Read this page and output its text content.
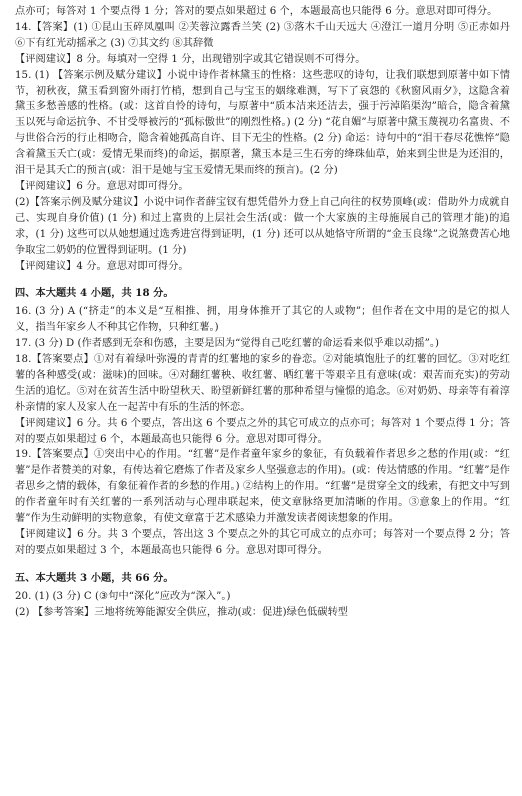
点亦可；每答对 1 个要点得 1 分；答对的要点如果超过 6 个，本题最高也只能得 6 分。意思对即可得分。

14.【答案】(1) ①昆山玉碎凤凰叫 ②芙蓉泣露香兰笑 (2) ③落木千山天远大 ④澄江一道月分明 ⑤正赤如丹 ⑥下有红光动摇承之 (3) ⑦其文约 ⑧其辞微

【评阅建议】8 分。每填对一空得 1 分，出现错别字或其它错误则不可得分。

15. (1) 【答案示例及赋分建议】小说中诗作者林黛玉的性格：这些悲叹的诗句，让我们联想到原著中如下情节，初秋夜，黛玉看到窗外雨打竹梢，想到自己与宝玉的姻缘难测，写下了哀怨的《秋窗风雨夕》，这隐含着黛玉多愁善感的性格。(或：这首自怜的诗句，与原著中“质本洁来还洁去，强于污淖陷渠沟”暗合，隐含着黛玉以死与命运抗争、不甘受辱被污的“孤标傲世”的刚烈性格。) (2 分) “花自媚”与原著中黛玉蔑视功名富贵、不与世俗合污的行止相吻合，隐含着她孤高自许、目下无尘的性格。(2 分) 命运：诗句中的“泪干春尽花憔悴”隐含着黛玉夭亡(或：爱情无果而终)的命运，据原著，黛玉本是三生石旁的绛珠仙草，始来到尘世是为还泪的，泪干是其夭亡的预言(或：泪干是她与宝玉爱情无果而终的预言)。(2 分)

【评阅建议】6 分。意思对即可得分。

(2)【答案示例及赋分建议】小说中词作者薛宝钗有想凭借外力登上自己向往的权势顶峰(或：借助外力成就自己、实现自身价值) (1 分) 和过上富贵的上层社会生活(或：做一个大家族的主母施展自己的管理才能)的追求，(1 分) 这些可以从她想通过选秀进宫得到证明，(1 分) 还可以从她恪守所谓的“金玉良缘”之说煞费苦心地争取宝二奶奶的位置得到证明。(1 分)

【评阅建议】4 分。意思对即可得分。

四、本大题共 4 小题，共 18 分。

16. (3 分) A (“挤走”的本义是“互相推、拥，用身体推开了其它的人或物”；但作者在文中用的是它的拟人义，指当年家乡人不种其它作物，只种红薯。)

17. (3 分) D (作者感到无奈和伤感，主要是因为“觉得自己吃红薯的命运看来似乎难以动摇”。)

18.【答案要点】①对有着绿叶弥漫的青青的红薯地的家乡的眷恋。②对能填饱肚子的红薯的回忆。③对吃红薯的各种感受(或：滋味)的回味。④对翻红薯秧、收红薯、晒红薯干等艰辛且有意味(或：艰苦而充实)的劳动生活的追忆。⑤对在贫苦生活中盼望秋天、盼望新鲜红薯的那种希望与憧憬的追念。⑥对奶奶、母亲等有着淳朴亲情的家人及家人在一起苦中有乐的生活的怀恋。

【评阅建议】6 分。共 6 个要点，答出这 6 个要点之外的其它可成立的点亦可；每答对 1 个要点得 1 分；答对的要点如果超过 6 个，本题最高也只能得 6 分。意思对即可得分。

19.【答案要点】①突出中心的作用。“红薯”是作者童年家乡的象征，有负载着作者思乡之愁的作用(或：“红薯”是作者赞美的对象，有传达着它磨炼了作者及家乡人坚强意志的作用)。(或：传达情感的作用。“红薯”是作者思乡之情的载体，有象征着作者的乡愁的作用。) ②结构上的作用。“红薯”是贯穿全文的线索，有把文中写到的作者童年时有关红薯的一系列活动与心理串联起来，使文章脉络更加清晰的作用。③意象上的作用。“红薯”作为生动鲜明的实物意象，有使文章富于艺术感染力并激发读者阅读想象的作用。

【评阅建议】6 分。共 3 个要点，答出这 3 个要点之外的其它可成立的点亦可；每答对一个要点得 2 分；答对的要点如果超过 3 个，本题最高也只能得 6 分。意思对即可得分。

五、本大题共 3 小题，共 66 分。

20. (1) (3 分) C (③句中“深化”应改为“深入”。)

(2) 【参考答案】三地将统筹能源安全供应，推动(或：促进)绿色低碳转型
